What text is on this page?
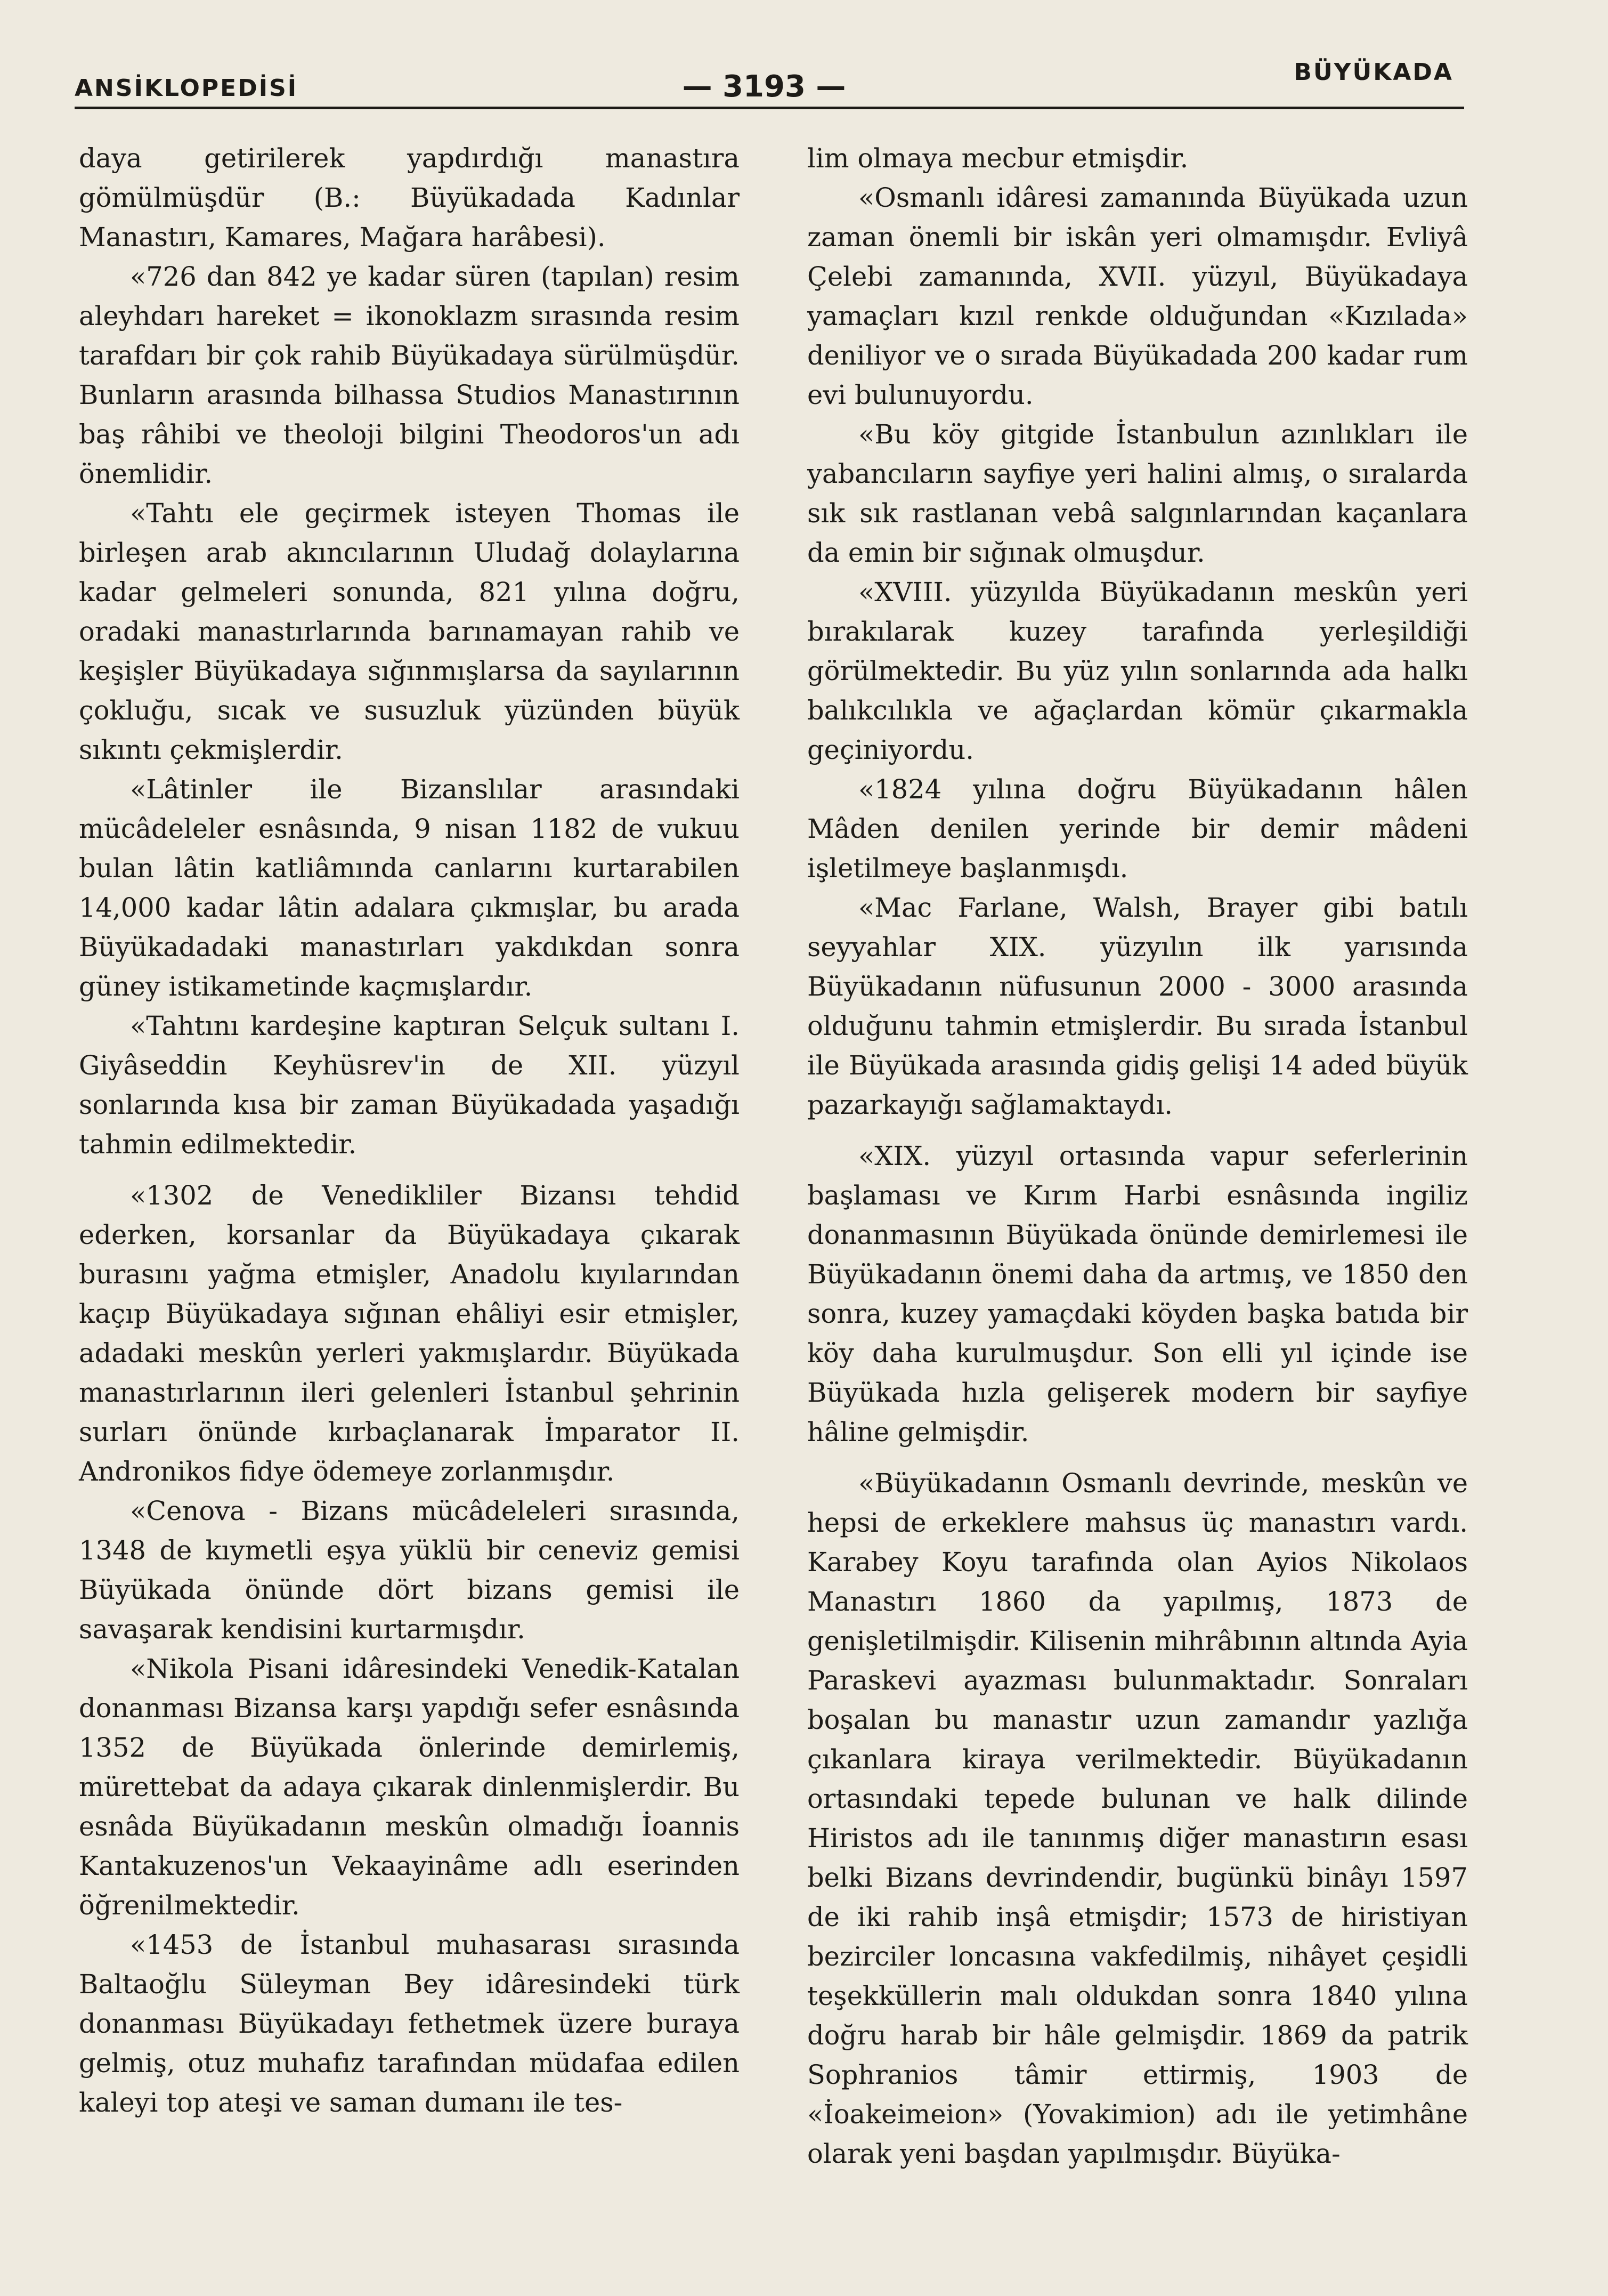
ANSİKLOPEDİSİ	— 3193 —	BÜYÜKADA

daya getirilerek yapdırdığı manastıra gömülmüşdür (B.: Büyükadada Kadınlar Manastırı, Kamares, Mağara harâbesi).

«726 dan 842 ye kadar süren (tapılan) resim aleyhdarı hareket = ikonoklazm sırasında resim tarafdarı bir çok rahib Büyükadaya sürülmüşdür. Bunların arasında bilhassa Studios Manastırının baş râhibi ve theoloji bilgini Theodoros'un adı önemlidir.

«Tahtı ele geçirmek isteyen Thomas ile birleşen arab akıncılarının Uludağ dolaylarına kadar gelmeleri sonunda, 821 yılına doğru, oradaki manastırlarında barınamayan rahib ve keşişler Büyükadaya sığınmışlarsa da sayılarının çokluğu, sıcak ve susuzluk yüzünden büyük sıkıntı çekmişlerdir.

«Lâtinler ile Bizanslılar arasındaki mücâdeleler esnâsında, 9 nisan 1182 de vukuu bulan lâtin katliâmında canlarını kurtarabilen 14,000 kadar lâtin adalara çıkmışlar, bu arada Büyükadadaki manastırları yakdıkdan sonra güney istikametinde kaçmışlardır.

«Tahtını kardeşine kaptıran Selçuk sultanı I. Giyâseddin Keyhüsrev'in de XII. yüzyıl sonlarında kısa bir zaman Büyükadada yaşadığı tahmin edilmektedir.

«1302 de Venedikliler Bizansı tehdid ederken, korsanlar da Büyükadaya çıkarak burasını yağma etmişler, Anadolu kıyılarından kaçıp Büyükadaya sığınan ehâliyi esir etmişler, adadaki meskûn yerleri yakmışlardır. Büyükada manastırlarının ileri gelenleri İstanbul şehrinin surları önünde kırbaçlanarak İmparator II. Andronikos fidye ödemeye zorlanmışdır.

«Cenova - Bizans mücâdeleleri sırasında, 1348 de kıymetli eşya yüklü bir ceneviz gemisi Büyükada önünde dört bizans gemisi ile savaşarak kendisini kurtarmışdır.

«Nikola Pisani idâresindeki Venedik-Katalan donanması Bizansa karşı yapdığı sefer esnâsında 1352 de Büyükada önlerinde demirlemiş, mürettebat da adaya çıkarak dinlenmişlerdir. Bu esnâda Büyükadanın meskûn olmadığı İoannis Kantakuzenos'un Vekaayinâme adlı eserinden öğrenilmektedir.

«1453 de İstanbul muhasarası sırasında Baltaoğlu Süleyman Bey idâresindeki türk donanması Büyükadayı fethetmek üzere buraya gelmiş, otuz muhafız tarafından müdafaa edilen kaleyi top ateşi ve saman dumanı ile tes-

lim olmaya mecbur etmişdir.

«Osmanlı idâresi zamanında Büyükada uzun zaman önemli bir iskân yeri olmamışdır. Evliyâ Çelebi zamanında, XVII. yüzyıl, Büyükadaya yamaçları kızıl renkde olduğundan «Kızılada» deniliyor ve o sırada Büyükadada 200 kadar rum evi bulunuyordu.

«Bu köy gitgide İstanbulun azınlıkları ile yabancıların sayfiye yeri halini almış, o sıralarda sık sık rastlanan vebâ salgınlarından kaçanlara da emin bir sığınak olmuşdur.

«XVIII. yüzyılda Büyükadanın meskûn yeri bırakılarak kuzey tarafında yerleşildiği görülmektedir. Bu yüz yılın sonlarında ada halkı balıkcılıkla ve ağaçlardan kömür çıkarmakla geçiniyordu.

«1824 yılına doğru Büyükadanın hâlen Mâden denilen yerinde bir demir mâdeni işletilmeye başlanmışdı.

«Mac Farlane, Walsh, Brayer gibi batılı seyyahlar XIX. yüzyılın ilk yarısında Büyükadanın nüfusunun 2000 - 3000 arasında olduğunu tahmin etmişlerdir. Bu sırada İstanbul ile Büyükada arasında gidiş gelişi 14 aded büyük pazarkayığı sağlamaktaydı.

«XIX. yüzyıl ortasında vapur seferlerinin başlaması ve Kırım Harbi esnâsında ingiliz donanmasının Büyükada önünde demirlemesi ile Büyükadanın önemi daha da artmış, ve 1850 den sonra, kuzey yamaçdaki köyden başka batıda bir köy daha kurulmuşdur. Son elli yıl içinde ise Büyükada hızla gelişerek modern bir sayfiye hâline gelmişdir.

«Büyükadanın Osmanlı devrinde, meskûn ve hepsi de erkeklere mahsus üç manastırı vardı. Karabey Koyu tarafında olan Ayios Nikolaos Manastırı 1860 da yapılmış, 1873 de genişletilmişdir. Kilisenin mihrâbının altında Ayia Paraskevi ayazması bulunmaktadır. Sonraları boşalan bu manastır uzun zamandır yazlığa çıkanlara kiraya verilmektedir. Büyükadanın ortasındaki tepede bulunan ve halk dilinde Hiristos adı ile tanınmış diğer manastırın esası belki Bizans devrindendir, bugünkü binâyı 1597 de iki rahib inşâ etmişdir; 1573 de hiristiyan bezirciler loncasına vakfedilmiş, nihâyet çeşidli teşekküllerin malı oldukdan sonra 1840 yılına doğru harab bir hâle gelmişdir. 1869 da patrik Sophranios tâmir ettirmiş, 1903 de «İoakeimeion» (Yovakimion) adı ile yetimhâne olarak yeni başdan yapılmışdır. Büyüka-
